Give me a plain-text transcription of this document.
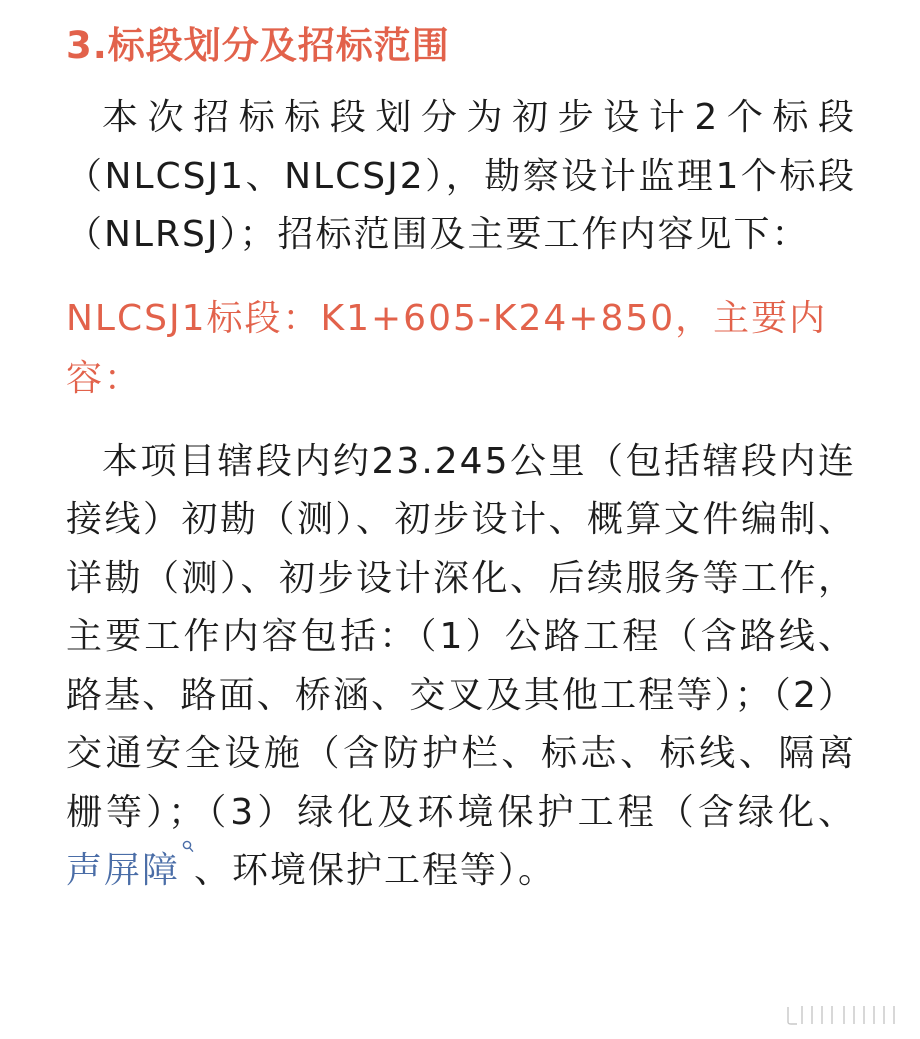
3.标段划分及招标范围

本次招标标段划分为初步设计2个标段（NLCSJ1、NLCSJ2），勘察设计监理1个标段（NLRSJ）；招标范围及主要工作内容见下：

NLCSJ1标段：K1+605-K24+850，主要内容：

本项目辖段内约23.245公里（包括辖段内连接线）初勘（测）、初步设计、概算文件编制、详勘（测）、初步设计深化、后续服务等工作，主要工作内容包括：（1）公路工程（含路线、路基、路面、桥涵、交叉及其他工程等）；（2）交通安全设施（含防护栏、标志、标线、隔离栅等）；（3）绿化及环境保护工程（含绿化、声屏障 、环境保护工程等）。
